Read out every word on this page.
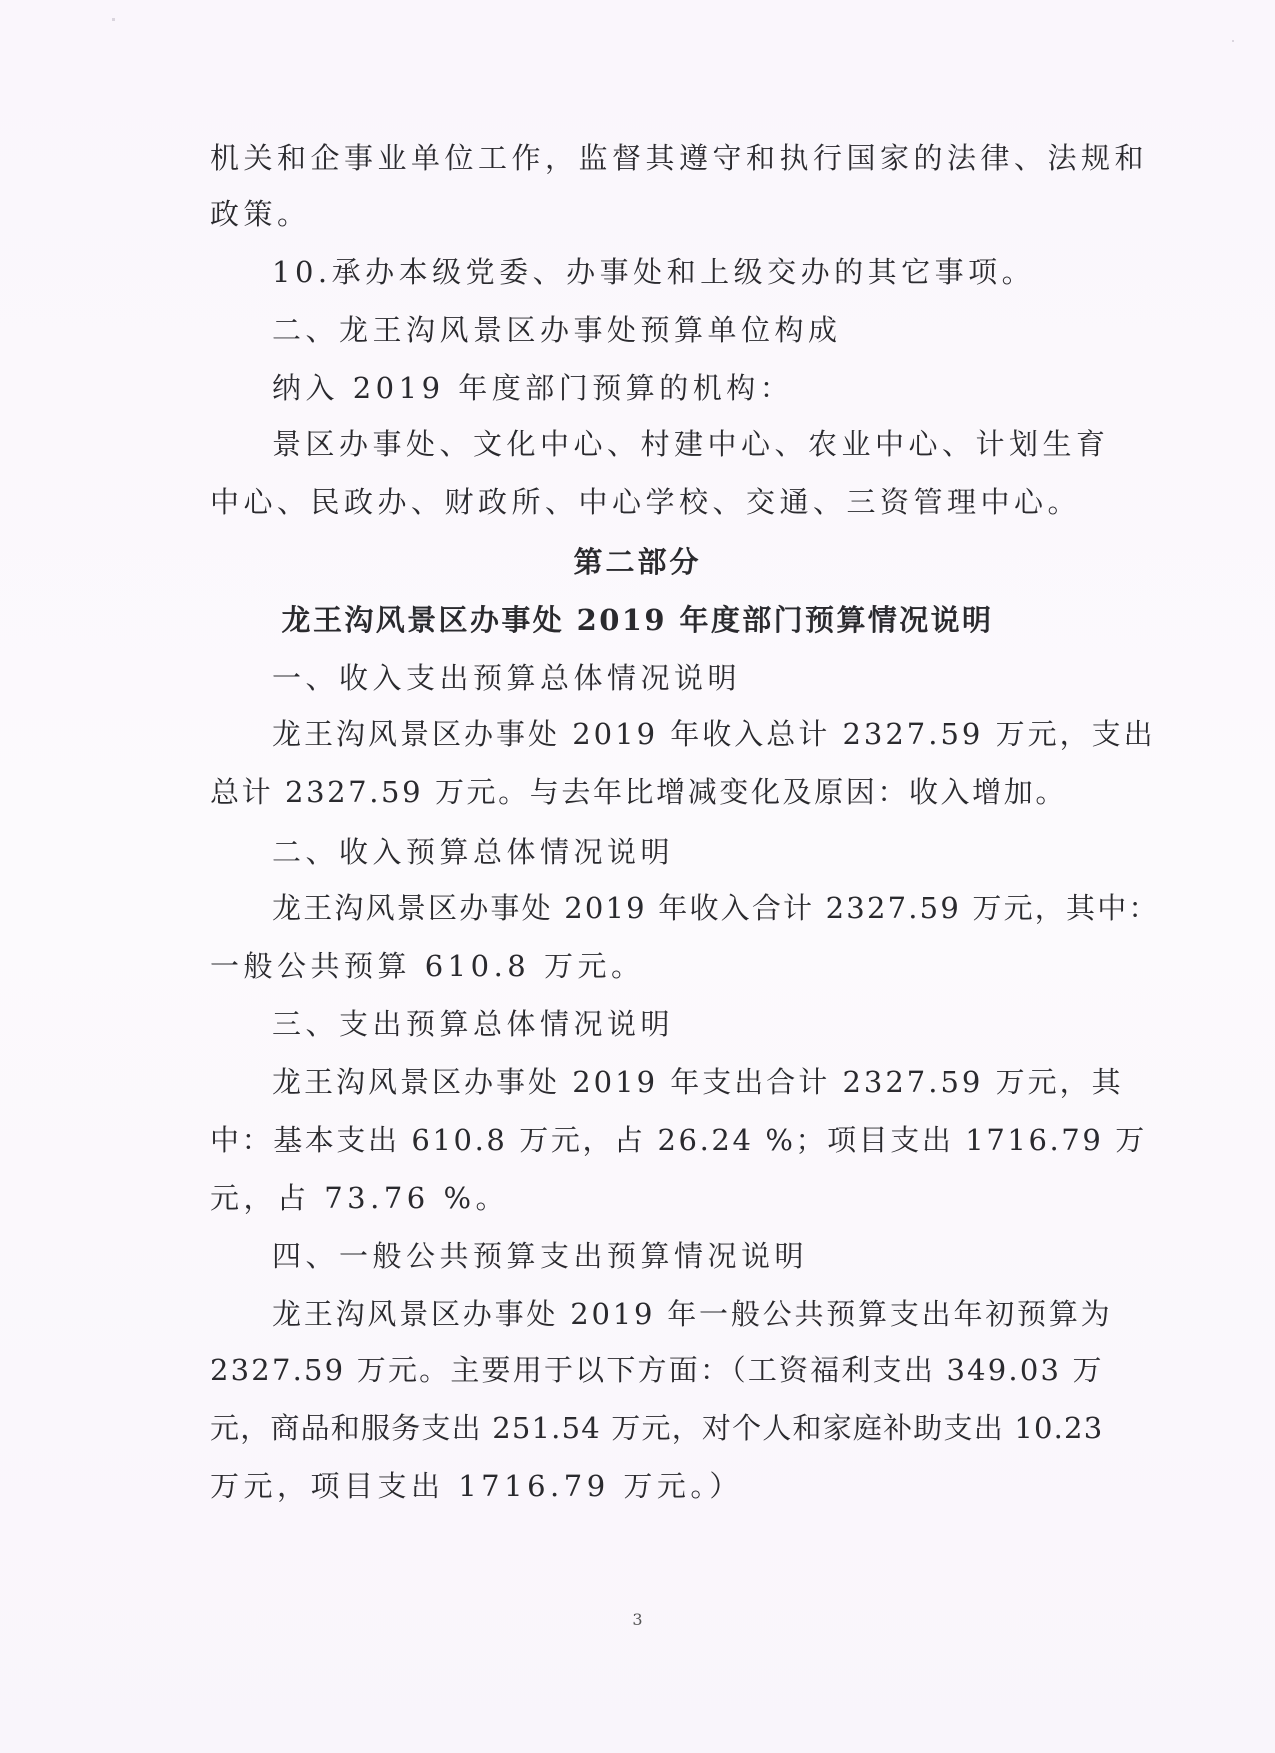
机关和企事业单位工作，监督其遵守和执行国家的法律、法规和
政策。
10.承办本级党委、办事处和上级交办的其它事项。
二、龙王沟风景区办事处预算单位构成
纳入 2019 年度部门预算的机构：
景区办事处、文化中心、村建中心、农业中心、计划生育
中心、民政办、财政所、中心学校、交通、三资管理中心。
第二部分
龙王沟风景区办事处 2019 年度部门预算情况说明
一、收入支出预算总体情况说明
龙王沟风景区办事处 2019 年收入总计 2327.59 万元，支出
总计 2327.59 万元。与去年比增减变化及原因：收入增加。
二、收入预算总体情况说明
龙王沟风景区办事处 2019 年收入合计 2327.59 万元，其中：
一般公共预算 610.8 万元。
三、支出预算总体情况说明
龙王沟风景区办事处 2019 年支出合计 2327.59 万元，其
中：基本支出 610.8 万元，占 26.24 %；项目支出 1716.79 万
元，占 73.76 %。
四、一般公共预算支出预算情况说明
龙王沟风景区办事处 2019 年一般公共预算支出年初预算为
2327.59 万元。主要用于以下方面：（工资福利支出 349.03 万
元，商品和服务支出 251.54 万元，对个人和家庭补助支出 10.23
万元，项目支出 1716.79 万元。）
3
